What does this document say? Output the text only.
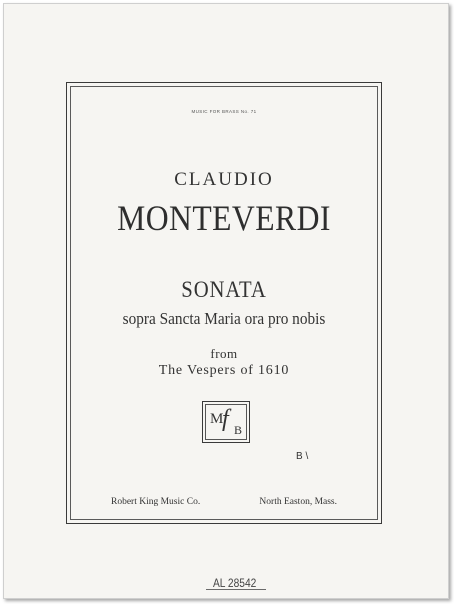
MUSIC FOR BRASS No. 71
CLAUDIO
MONTEVERDI
SONATA
sopra Sancta Maria ora pro nobis
from
The Vespers of 1610
M
f B
B \
Robert King Music Co.	North Easton, Mass.
AL 28542
